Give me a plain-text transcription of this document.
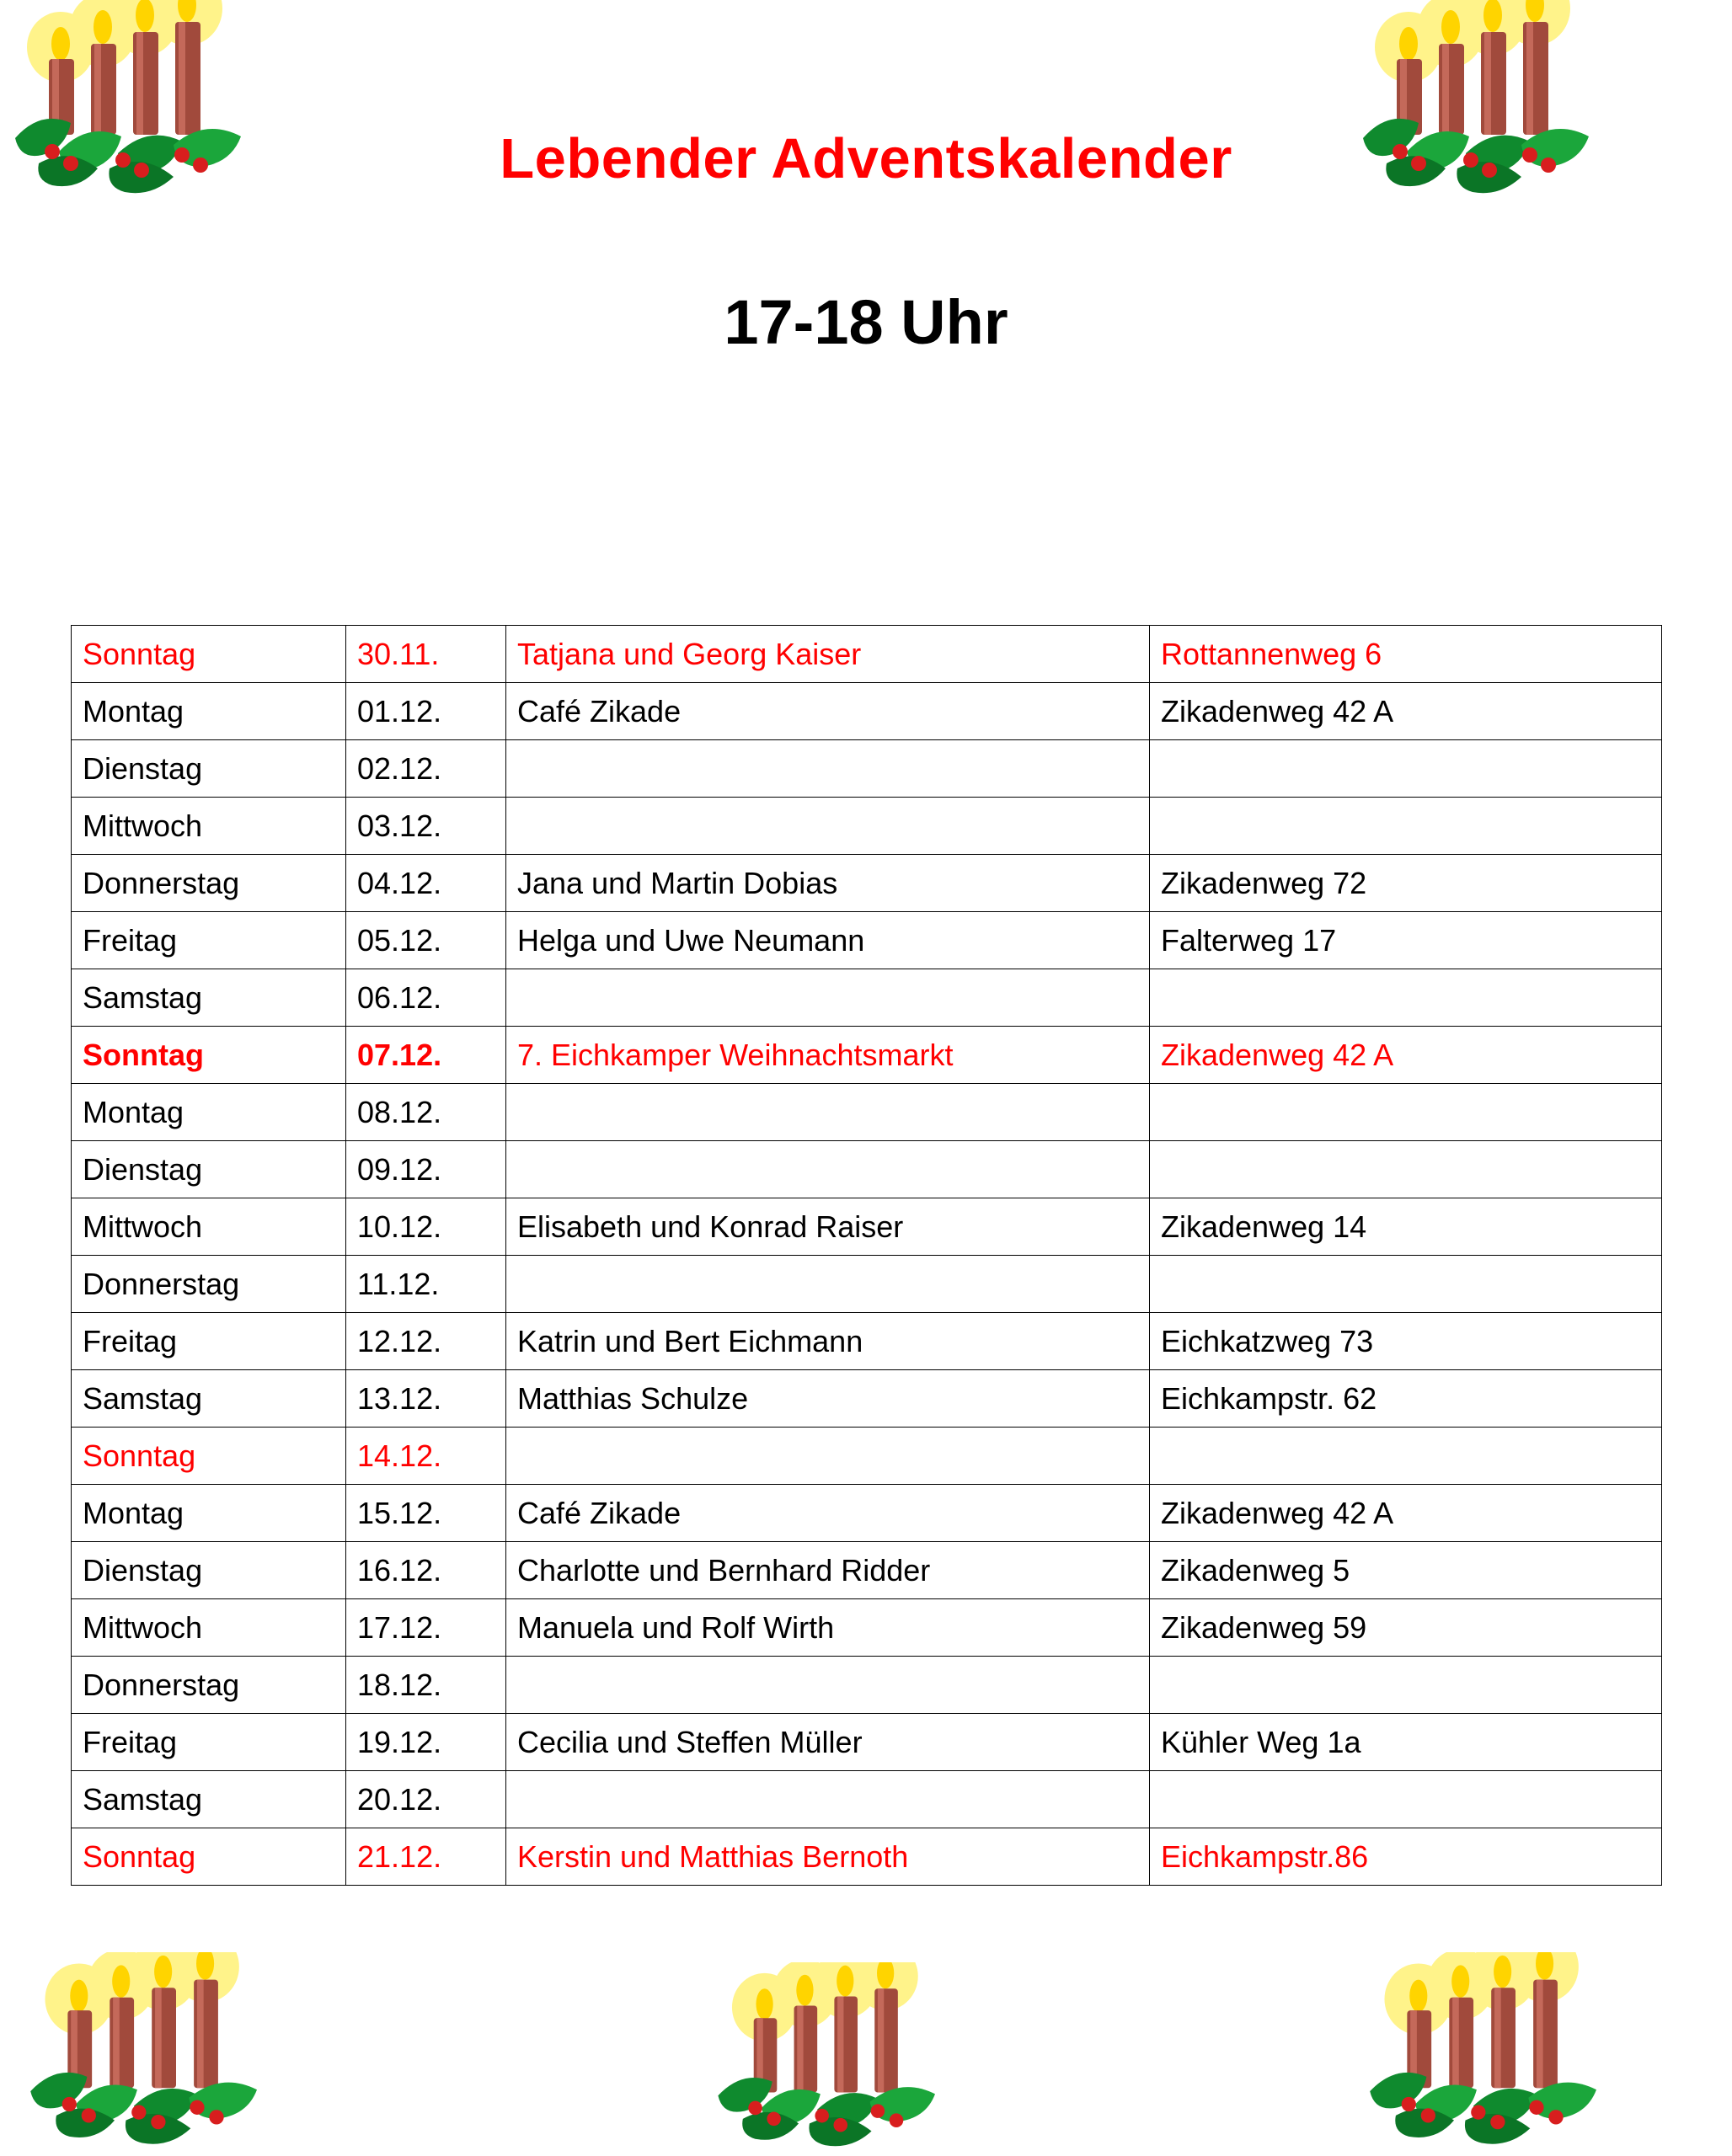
Lebender Adventskalender
17-18 Uhr
Sonntag	30.11.	Tatjana und Georg Kaiser	Rottannenweg 6
Montag	01.12.	Café Zikade	Zikadenweg 42 A
Dienstag	02.12.		
Mittwoch	03.12.		
Donnerstag	04.12.	Jana und Martin Dobias	Zikadenweg 72
Freitag	05.12.	Helga und Uwe Neumann	Falterweg 17
Samstag	06.12.		
Sonntag	07.12.	7. Eichkamper Weihnachtsmarkt	Zikadenweg 42 A
Montag	08.12.		
Dienstag	09.12.		
Mittwoch	10.12.	Elisabeth und Konrad Raiser	Zikadenweg 14
Donnerstag	11.12.		
Freitag	12.12.	Katrin und Bert Eichmann	Eichkatzweg 73
Samstag	13.12.	Matthias Schulze	Eichkampstr. 62
Sonntag	14.12.		
Montag	15.12.	Café Zikade	Zikadenweg 42 A
Dienstag	16.12.	Charlotte und Bernhard Ridder	Zikadenweg 5
Mittwoch	17.12.	Manuela und Rolf Wirth	Zikadenweg 59
Donnerstag	18.12.		
Freitag	19.12.	Cecilia und Steffen Müller	Kühler Weg 1a
Samstag	20.12.		
Sonntag	21.12.	Kerstin und Matthias Bernoth	Eichkampstr.86
